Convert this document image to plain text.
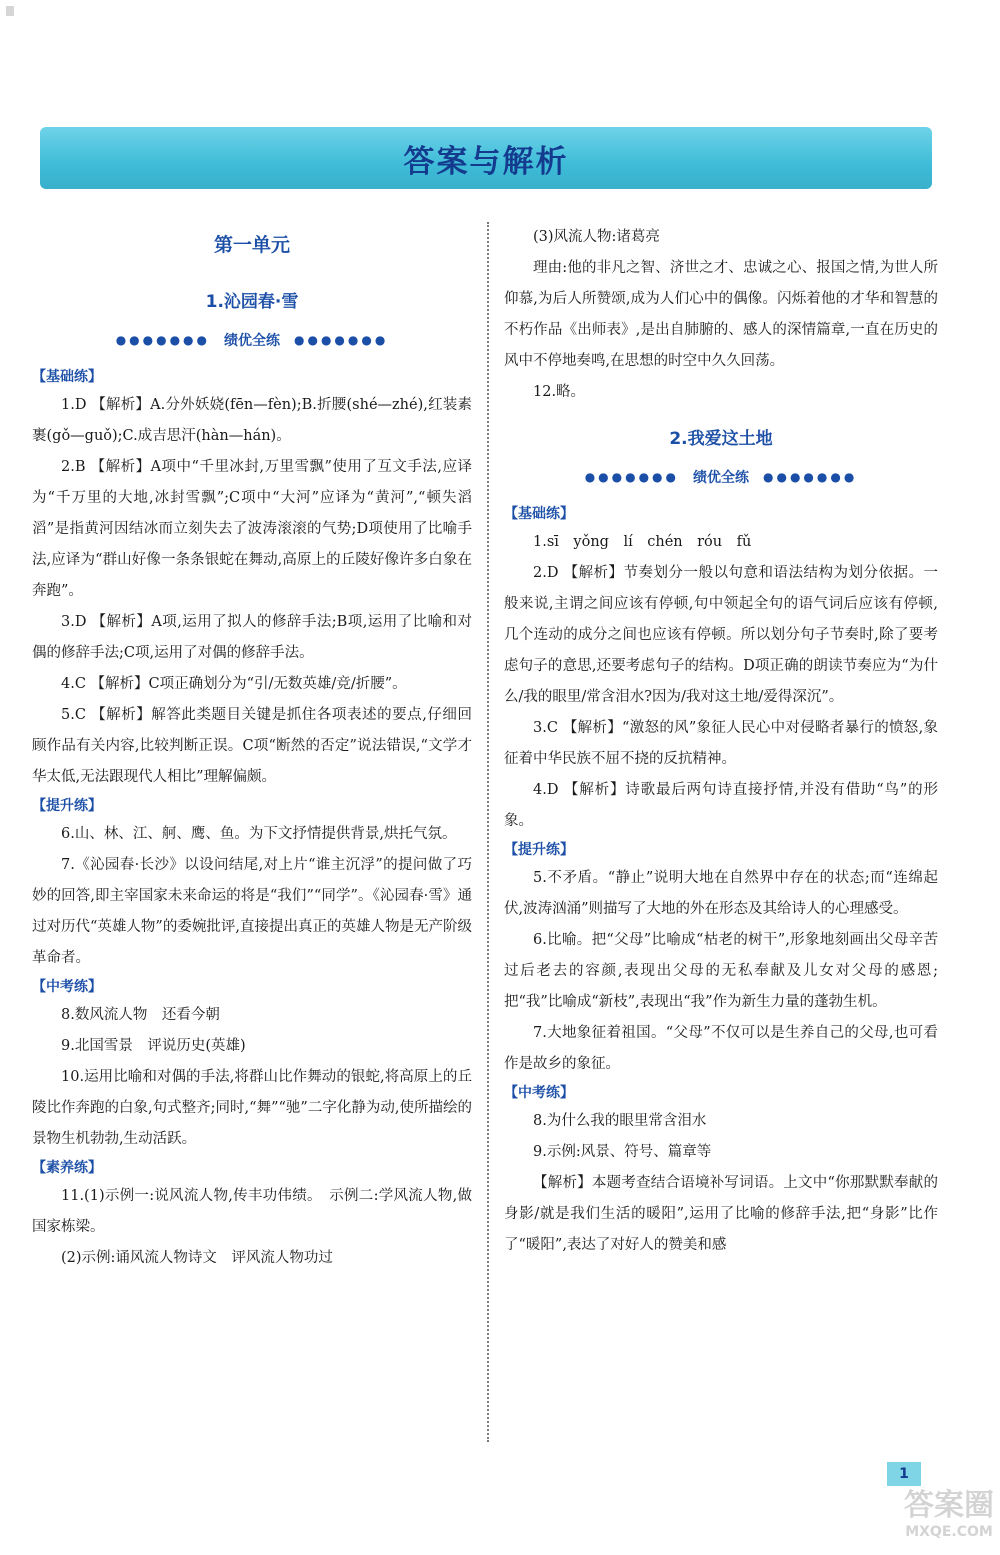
答案与解析
第一单元
1.沁园春·雪
●●●●●●● 绩优全练 ●●●●●●●
【基础练】

1.D 【解析】A.分外妖娆(fēn—fèn);B.折腰(shé—zhé),红装素裹(gǒ—guǒ);C.成吉思汗(hàn—hán)。

2.B 【解析】A项中“千里冰封,万里雪飘”使用了互文手法,应译为“千万里的大地,冰封雪飘”;C项中“大河”应译为“黄河”,“顿失滔滔”是指黄河因结冰而立刻失去了波涛滚滚的气势;D项使用了比喻手法,应译为“群山好像一条条银蛇在舞动,高原上的丘陵好像许多白象在奔跑”。

3.D 【解析】A项,运用了拟人的修辞手法;B项,运用了比喻和对偶的修辞手法;C项,运用了对偶的修辞手法。

4.C 【解析】C项正确划分为“引/无数英雄/竞/折腰”。

5.C 【解析】解答此类题目关键是抓住各项表述的要点,仔细回顾作品有关内容,比较判断正误。C项“断然的否定”说法错误,“文学才华太低,无法跟现代人相比”理解偏颇。

【提升练】

6.山、林、江、舸、鹰、鱼。为下文抒情提供背景,烘托气氛。

7.《沁园春·长沙》以设问结尾,对上片“谁主沉浮”的提问做了巧妙的回答,即主宰国家未来命运的将是“我们”“同学”。《沁园春·雪》通过对历代“英雄人物”的委婉批评,直接提出真正的英雄人物是无产阶级革命者。

【中考练】

8.数风流人物　还看今朝

9.北国雪景　评说历史(英雄)

10.运用比喻和对偶的手法,将群山比作舞动的银蛇,将高原上的丘陵比作奔跑的白象,句式整齐;同时,“舞”“驰”二字化静为动,使所描绘的景物生机勃勃,生动活跃。

【素养练】

11.(1)示例一:说风流人物,传丰功伟绩。　示例二:学风流人物,做国家栋梁。

(2)示例:诵风流人物诗文　评风流人物功过

(3)风流人物:诸葛亮

理由:他的非凡之智、济世之才、忠诚之心、报国之情,为世人所仰慕,为后人所赞颂,成为人们心中的偶像。闪烁着他的才华和智慧的不朽作品《出师表》,是出自肺腑的、感人的深情篇章,一直在历史的风中不停地奏鸣,在思想的时空中久久回荡。

12.略。

2.我爱这土地
●●●●●●● 绩优全练 ●●●●●●●
【基础练】

1.sī　yǒng　lí　chén　róu　fǔ

2.D 【解析】节奏划分一般以句意和语法结构为划分依据。一般来说,主谓之间应该有停顿,句中领起全句的语气词后应该有停顿,几个连动的成分之间也应该有停顿。所以划分句子节奏时,除了要考虑句子的意思,还要考虑句子的结构。D项正确的朗读节奏应为“为什么/我的眼里/常含泪水?因为/我对这土地/爱得深沉”。

3.C 【解析】“激怒的风”象征人民心中对侵略者暴行的愤怒,象征着中华民族不屈不挠的反抗精神。

4.D 【解析】诗歌最后两句诗直接抒情,并没有借助“鸟”的形象。

【提升练】

5.不矛盾。“静止”说明大地在自然界中存在的状态;而“连绵起伏,波涛汹涌”则描写了大地的外在形态及其给诗人的心理感受。

6.比喻。把“父母”比喻成“枯老的树干”,形象地刻画出父母辛苦过后老去的容颜,表现出父母的无私奉献及儿女对父母的感恩;把“我”比喻成“新枝”,表现出“我”作为新生力量的蓬勃生机。

7.大地象征着祖国。“父母”不仅可以是生养自己的父母,也可看作是故乡的象征。

【中考练】

8.为什么我的眼里常含泪水

9.示例:风景、符号、篇章等

【解析】本题考查结合语境补写词语。上文中“你那默默奉献的身影/就是我们生活的暖阳”,运用了比喻的修辞手法,把“身影”比作了“暖阳”,表达了对好人的赞美和感

1
答案圈
MXQE.COM
